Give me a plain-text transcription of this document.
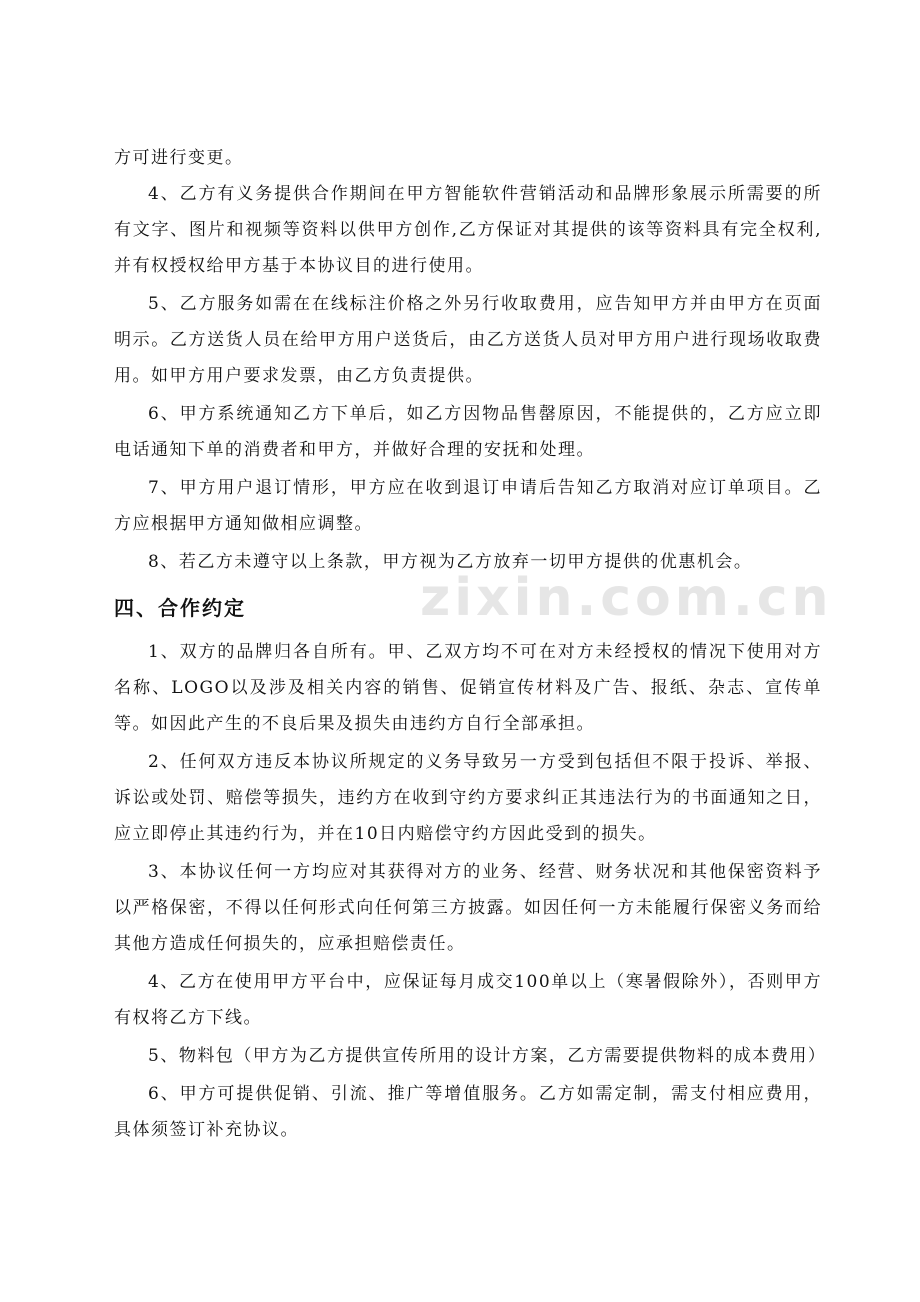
zixin.com.cn

方可进行变更。

4、乙方有义务提供合作期间在甲方智能软件营销活动和品牌形象展示所需要的所有文字、图片和视频等资料以供甲方创作,乙方保证对其提供的该等资料具有完全权利,并有权授权给甲方基于本协议目的进行使用。

5、乙方服务如需在在线标注价格之外另行收取费用，应告知甲方并由甲方在页面明示。乙方送货人员在给甲方用户送货后，由乙方送货人员对甲方用户进行现场收取费用。如甲方用户要求发票，由乙方负责提供。

6、甲方系统通知乙方下单后，如乙方因物品售罄原因，不能提供的，乙方应立即电话通知下单的消费者和甲方，并做好合理的安抚和处理。

7、甲方用户退订情形，甲方应在收到退订申请后告知乙方取消对应订单项目。乙方应根据甲方通知做相应调整。

8、若乙方未遵守以上条款，甲方视为乙方放弃一切甲方提供的优惠机会。

四、合作约定

1、双方的品牌归各自所有。甲、乙双方均不可在对方未经授权的情况下使用对方名称、LOGO以及涉及相关内容的销售、促销宣传材料及广告、报纸、杂志、宣传单等。如因此产生的不良后果及损失由违约方自行全部承担。

2、任何双方违反本协议所规定的义务导致另一方受到包括但不限于投诉、举报、诉讼或处罚、赔偿等损失，违约方在收到守约方要求纠正其违法行为的书面通知之日，应立即停止其违约行为，并在10日内赔偿守约方因此受到的损失。

3、本协议任何一方均应对其获得对方的业务、经营、财务状况和其他保密资料予以严格保密，不得以任何形式向任何第三方披露。如因任何一方未能履行保密义务而给其他方造成任何损失的，应承担赔偿责任。

4、乙方在使用甲方平台中，应保证每月成交100单以上（寒暑假除外），否则甲方有权将乙方下线。

5、物料包（甲方为乙方提供宣传所用的设计方案，乙方需要提供物料的成本费用）

6、甲方可提供促销、引流、推广等增值服务。乙方如需定制，需支付相应费用，具体须签订补充协议。
